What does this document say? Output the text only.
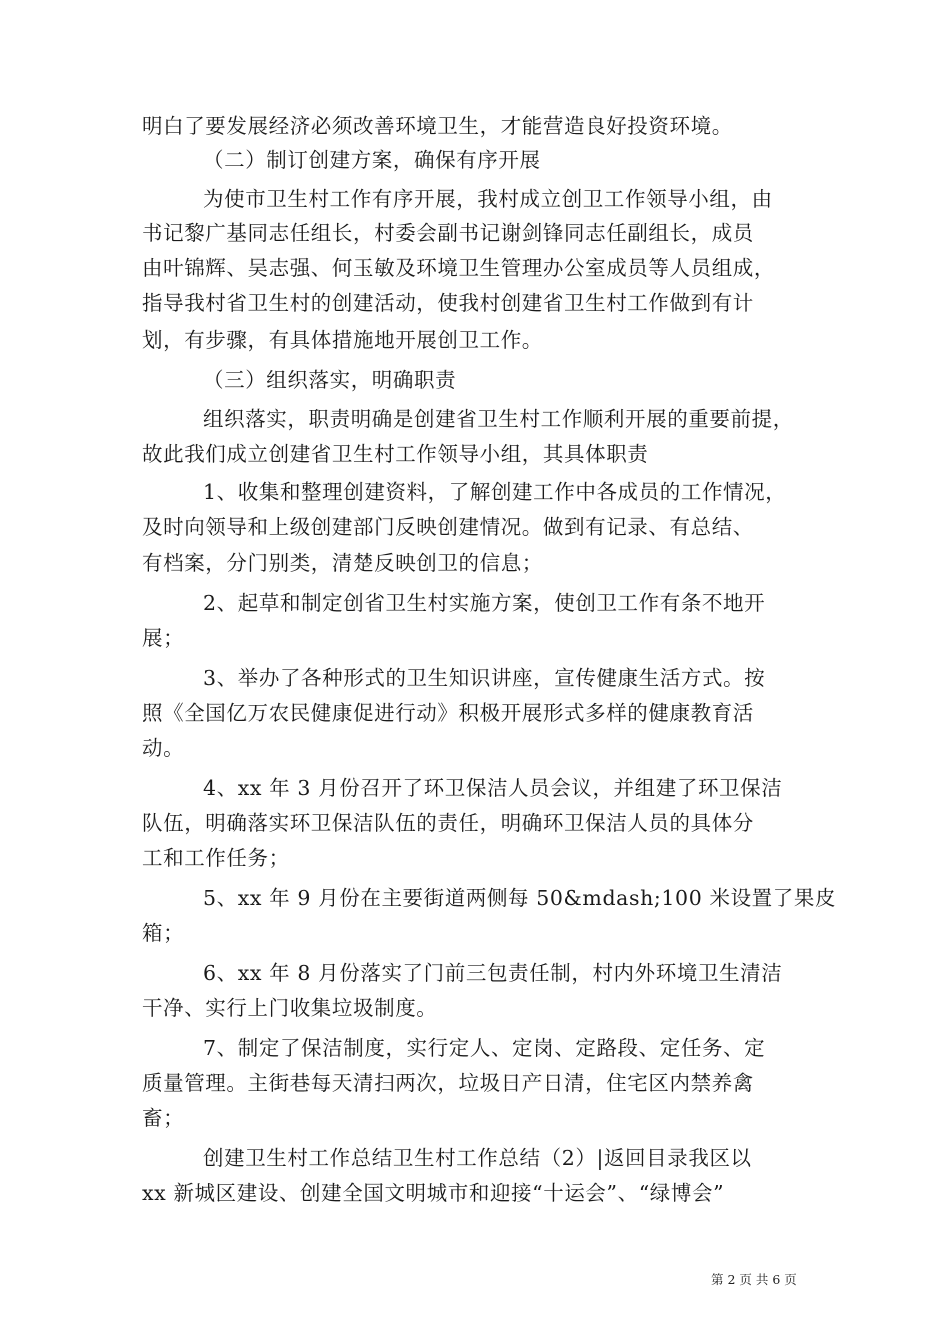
明白了要发展经济必须改善环境卫生，才能营造良好投资环境。
（二）制订创建方案，确保有序开展
为使市卫生村工作有序开展，我村成立创卫工作领导小组，由
书记黎广基同志任组长，村委会副书记谢剑锋同志任副组长，成员
由叶锦辉、吴志强、何玉敏及环境卫生管理办公室成员等人员组成，
指导我村省卫生村的创建活动，使我村创建省卫生村工作做到有计
划，有步骤，有具体措施地开展创卫工作。
（三）组织落实，明确职责
组织落实，职责明确是创建省卫生村工作顺利开展的重要前提，
故此我们成立创建省卫生村工作领导小组，其具体职责
1、收集和整理创建资料，了解创建工作中各成员的工作情况，
及时向领导和上级创建部门反映创建情况。做到有记录、有总结、
有档案，分门别类，清楚反映创卫的信息；
2、起草和制定创省卫生村实施方案，使创卫工作有条不地开
展；
3、举办了各种形式的卫生知识讲座，宣传健康生活方式。按
照《全国亿万农民健康促进行动》积极开展形式多样的健康教育活
动。
4、xx 年 3 月份召开了环卫保洁人员会议，并组建了环卫保洁
队伍，明确落实环卫保洁队伍的责任，明确环卫保洁人员的具体分
工和工作任务；
5、xx 年 9 月份在主要街道两侧每 50&mdash;100 米设置了果皮
箱；
6、xx 年 8 月份落实了门前三包责任制，村内外环境卫生清洁
干净、实行上门收集垃圾制度。
7、制定了保洁制度，实行定人、定岗、定路段、定任务、定
质量管理。主街巷每天清扫两次，垃圾日产日清，住宅区内禁养禽
畜；
创建卫生村工作总结卫生村工作总结（2）|返回目录我区以
xx 新城区建设、创建全国文明城市和迎接“十运会”、“绿博会”
第 2 页 共 6 页
